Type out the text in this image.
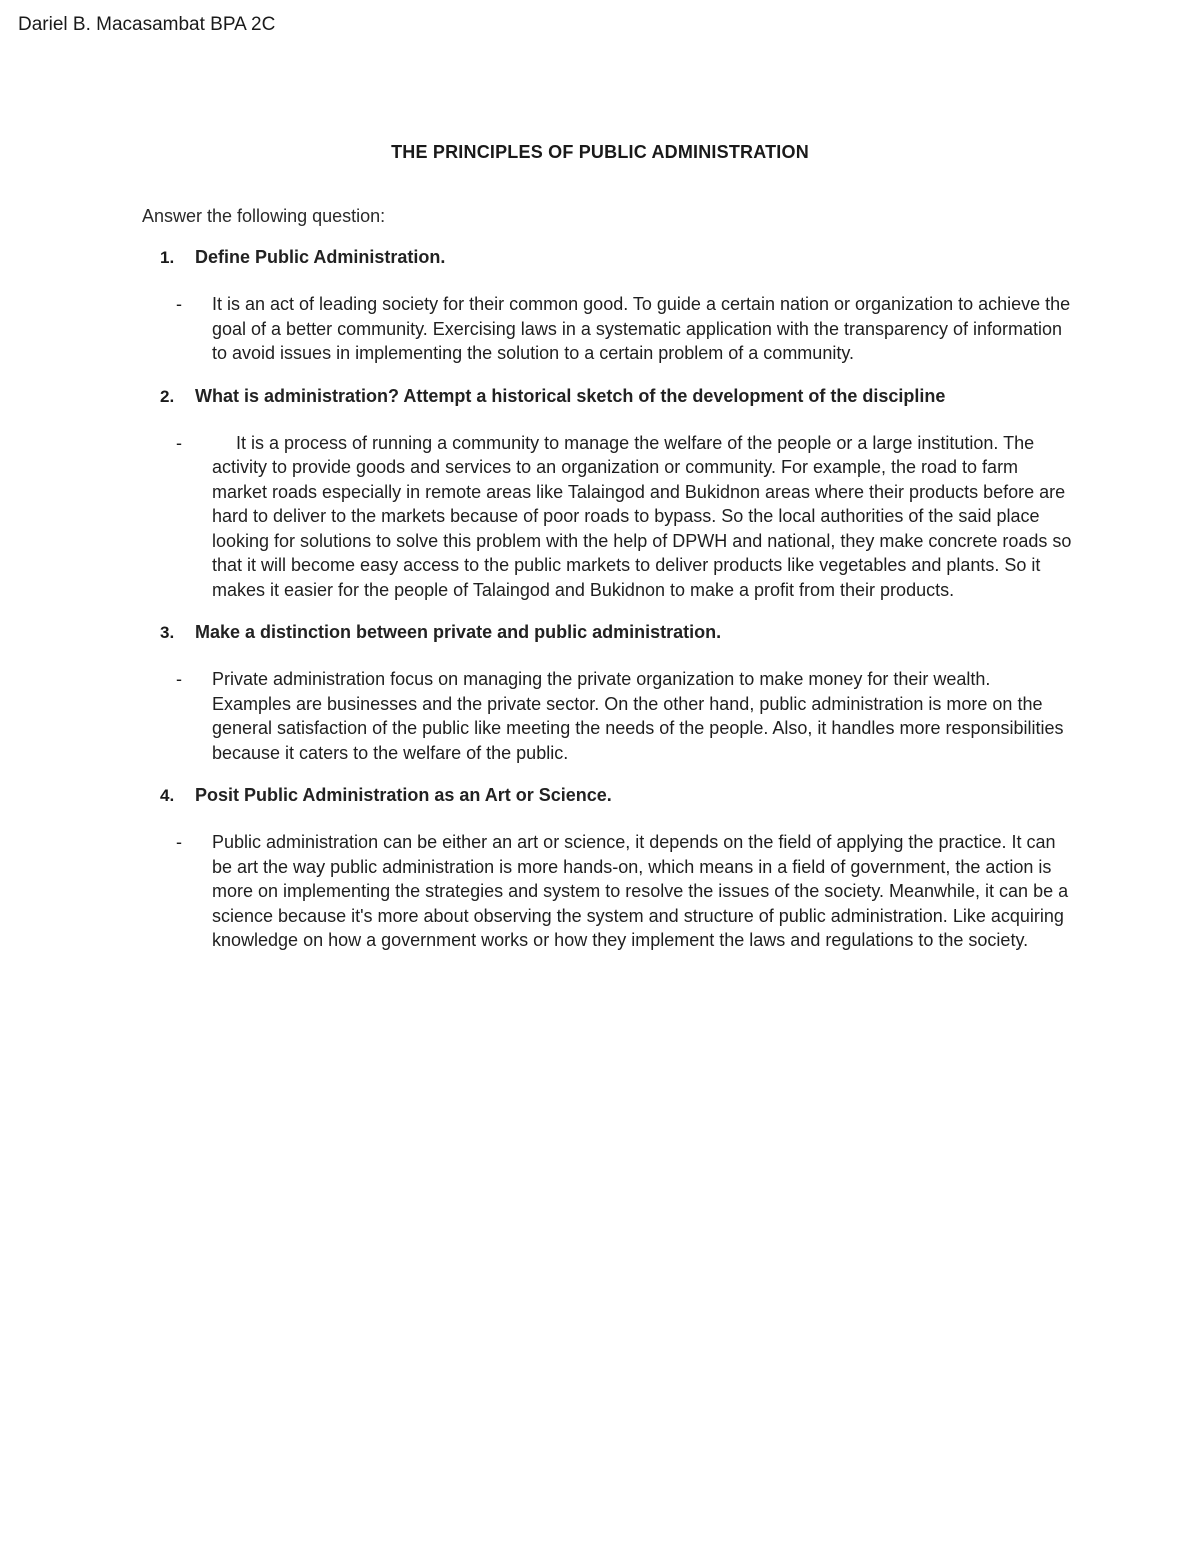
Dariel B. Macasambat BPA 2C
THE PRINCIPLES OF PUBLIC ADMINISTRATION

Answer the following question:

1.	Define Public Administration.
-	It is an act of leading society for their common good. To guide a certain nation or organization to achieve the goal of a better community. Exercising laws in a systematic application with the transparency of information to avoid issues in implementing the solution to a certain problem of a community.
2.	What is administration? Attempt a historical sketch of the development of the discipline
-	It is a process of running a community to manage the welfare of the people or a large institution. The activity to provide goods and services to an organization or community. For example, the road to farm market roads especially in remote areas like Talaingod and Bukidnon areas where their products before are hard to deliver to the markets because of poor roads to bypass. So the local authorities of the said place looking for solutions to solve this problem with the help of DPWH and national, they make concrete roads so that it will become easy access to the public markets to deliver products like vegetables and plants. So it makes it easier for the people of Talaingod and Bukidnon to make a profit from their products.
3.	Make a distinction between private and public administration.
-	Private administration focus on managing the private organization to make money for their wealth. Examples are businesses and the private sector. On the other hand, public administration is more on the general satisfaction of the public like meeting the needs of the people. Also, it handles more responsibilities because it caters to the welfare of the public.
4.	Posit Public Administration as an Art or Science.
-	Public administration can be either an art or science, it depends on the field of applying the practice. It can be art the way public administration is more hands-on, which means in a field of government, the action is more on implementing the strategies and system to resolve the issues of the society. Meanwhile, it can be a science because it's more about observing the system and structure of public administration. Like acquiring knowledge on how a government works or how they implement the laws and regulations to the society.
